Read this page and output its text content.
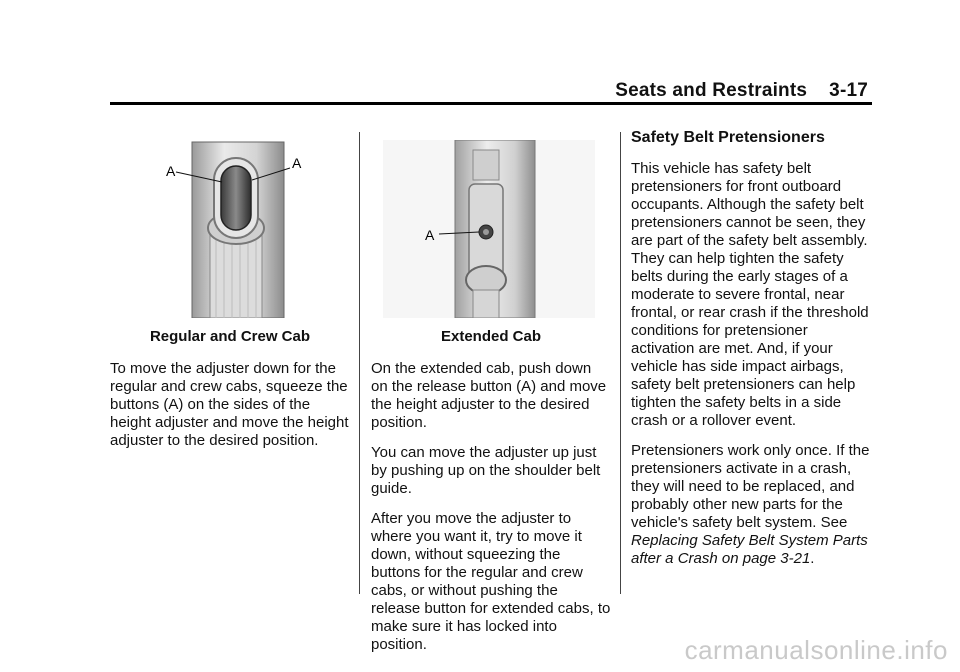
Seats and Restraints 3-17
A	A
Regular and Crew Cab

To move the adjuster down for the regular and crew cabs, squeeze the buttons (A) on the sides of the height adjuster and move the height adjuster to the desired position.

A
Extended Cab

On the extended cab, push down on the release button (A) and move the height adjuster to the desired position.

You can move the adjuster up just by pushing up on the shoulder belt guide.

After you move the adjuster to where you want it, try to move it down, without squeezing the buttons for the regular and crew cabs, or without pushing the release button for extended cabs, to make sure it has locked into position.

Safety Belt Pretensioners

This vehicle has safety belt pretensioners for front outboard occupants. Although the safety belt pretensioners cannot be seen, they are part of the safety belt assembly. They can help tighten the safety belts during the early stages of a moderate to severe frontal, near frontal, or rear crash if the threshold conditions for pretensioner activation are met. And, if your vehicle has side impact airbags, safety belt pretensioners can help tighten the safety belts in a side crash or a rollover event.

Pretensioners work only once. If the pretensioners activate in a crash, they will need to be replaced, and probably other new parts for the vehicle's safety belt system. See Replacing Safety Belt System Parts after a Crash on page 3-21.

carmanualsonline.info
